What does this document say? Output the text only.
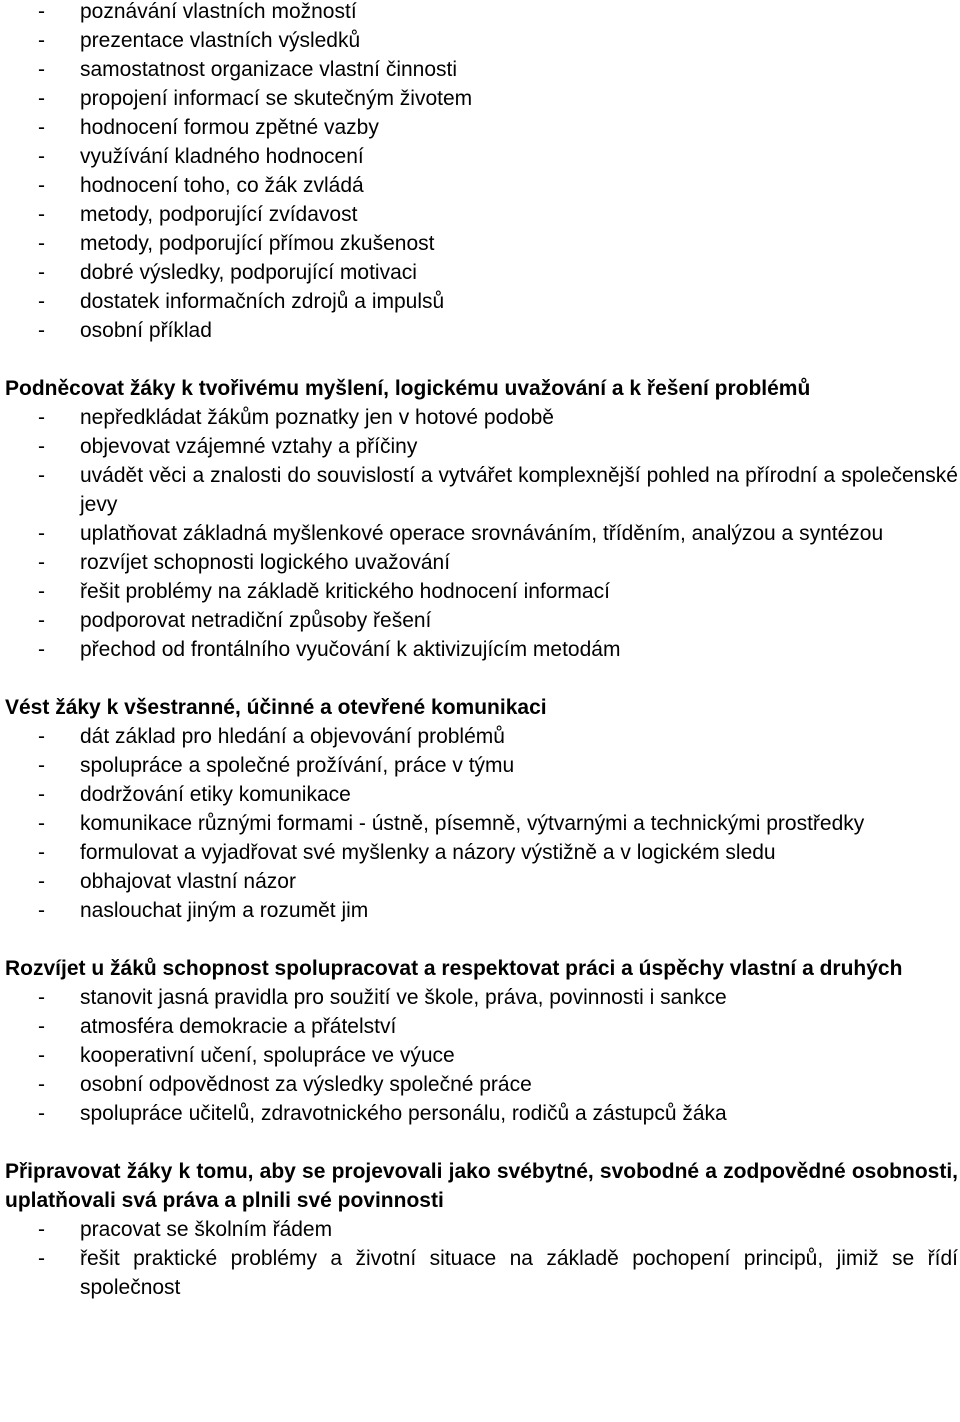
- poznávání vlastních možností
- prezentace vlastních výsledků
- samostatnost organizace vlastní činnosti
- propojení informací se skutečným životem
- hodnocení formou zpětné vazby
- využívání kladného hodnocení
- hodnocení toho, co žák zvládá
- metody, podporující zvídavost
- metody, podporující přímou zkušenost
- dobré výsledky, podporující motivaci
- dostatek informačních zdrojů a impulsů
- osobní příklad

Podněcovat žáky k tvořivému myšlení, logickému uvažování a k řešení problémů

- nepředkládat žákům poznatky jen v hotové podobě
- objevovat vzájemné vztahy a příčiny
- uvádět věci a znalosti do souvislostí a vytvářet komplexnější pohled na přírodní a společenské jevy
- uplatňovat základná myšlenkové operace srovnáváním, tříděním, analýzou a syntézou
- rozvíjet schopnosti logického uvažování
- řešit problémy na základě kritického hodnocení informací
- podporovat netradiční způsoby řešení
- přechod od frontálního vyučování k aktivizujícím metodám

Vést žáky k všestranné, účinné a otevřené komunikaci

- dát základ pro hledání a objevování problémů
- spolupráce a společné prožívání, práce v týmu
- dodržování etiky komunikace
- komunikace různými formami - ústně, písemně, výtvarnými a technickými prostředky
- formulovat a vyjadřovat své myšlenky a názory výstižně a v logickém sledu
- obhajovat vlastní názor
- naslouchat jiným a rozumět jim

Rozvíjet u žáků schopnost spolupracovat a respektovat práci a úspěchy vlastní a druhých

- stanovit jasná pravidla pro soužití ve škole, práva, povinnosti i sankce
- atmosféra demokracie a přátelství
- kooperativní učení, spolupráce ve výuce
- osobní odpovědnost za výsledky společné práce
- spolupráce učitelů, zdravotnického personálu, rodičů a zástupců žáka

Připravovat žáky k tomu, aby se projevovali jako svébytné, svobodné a zodpovědné osobnosti, uplatňovali svá práva a plnili své povinnosti

- pracovat se školním řádem
- řešit praktické problémy a životní situace na základě pochopení principů, jimiž se řídí společnost
